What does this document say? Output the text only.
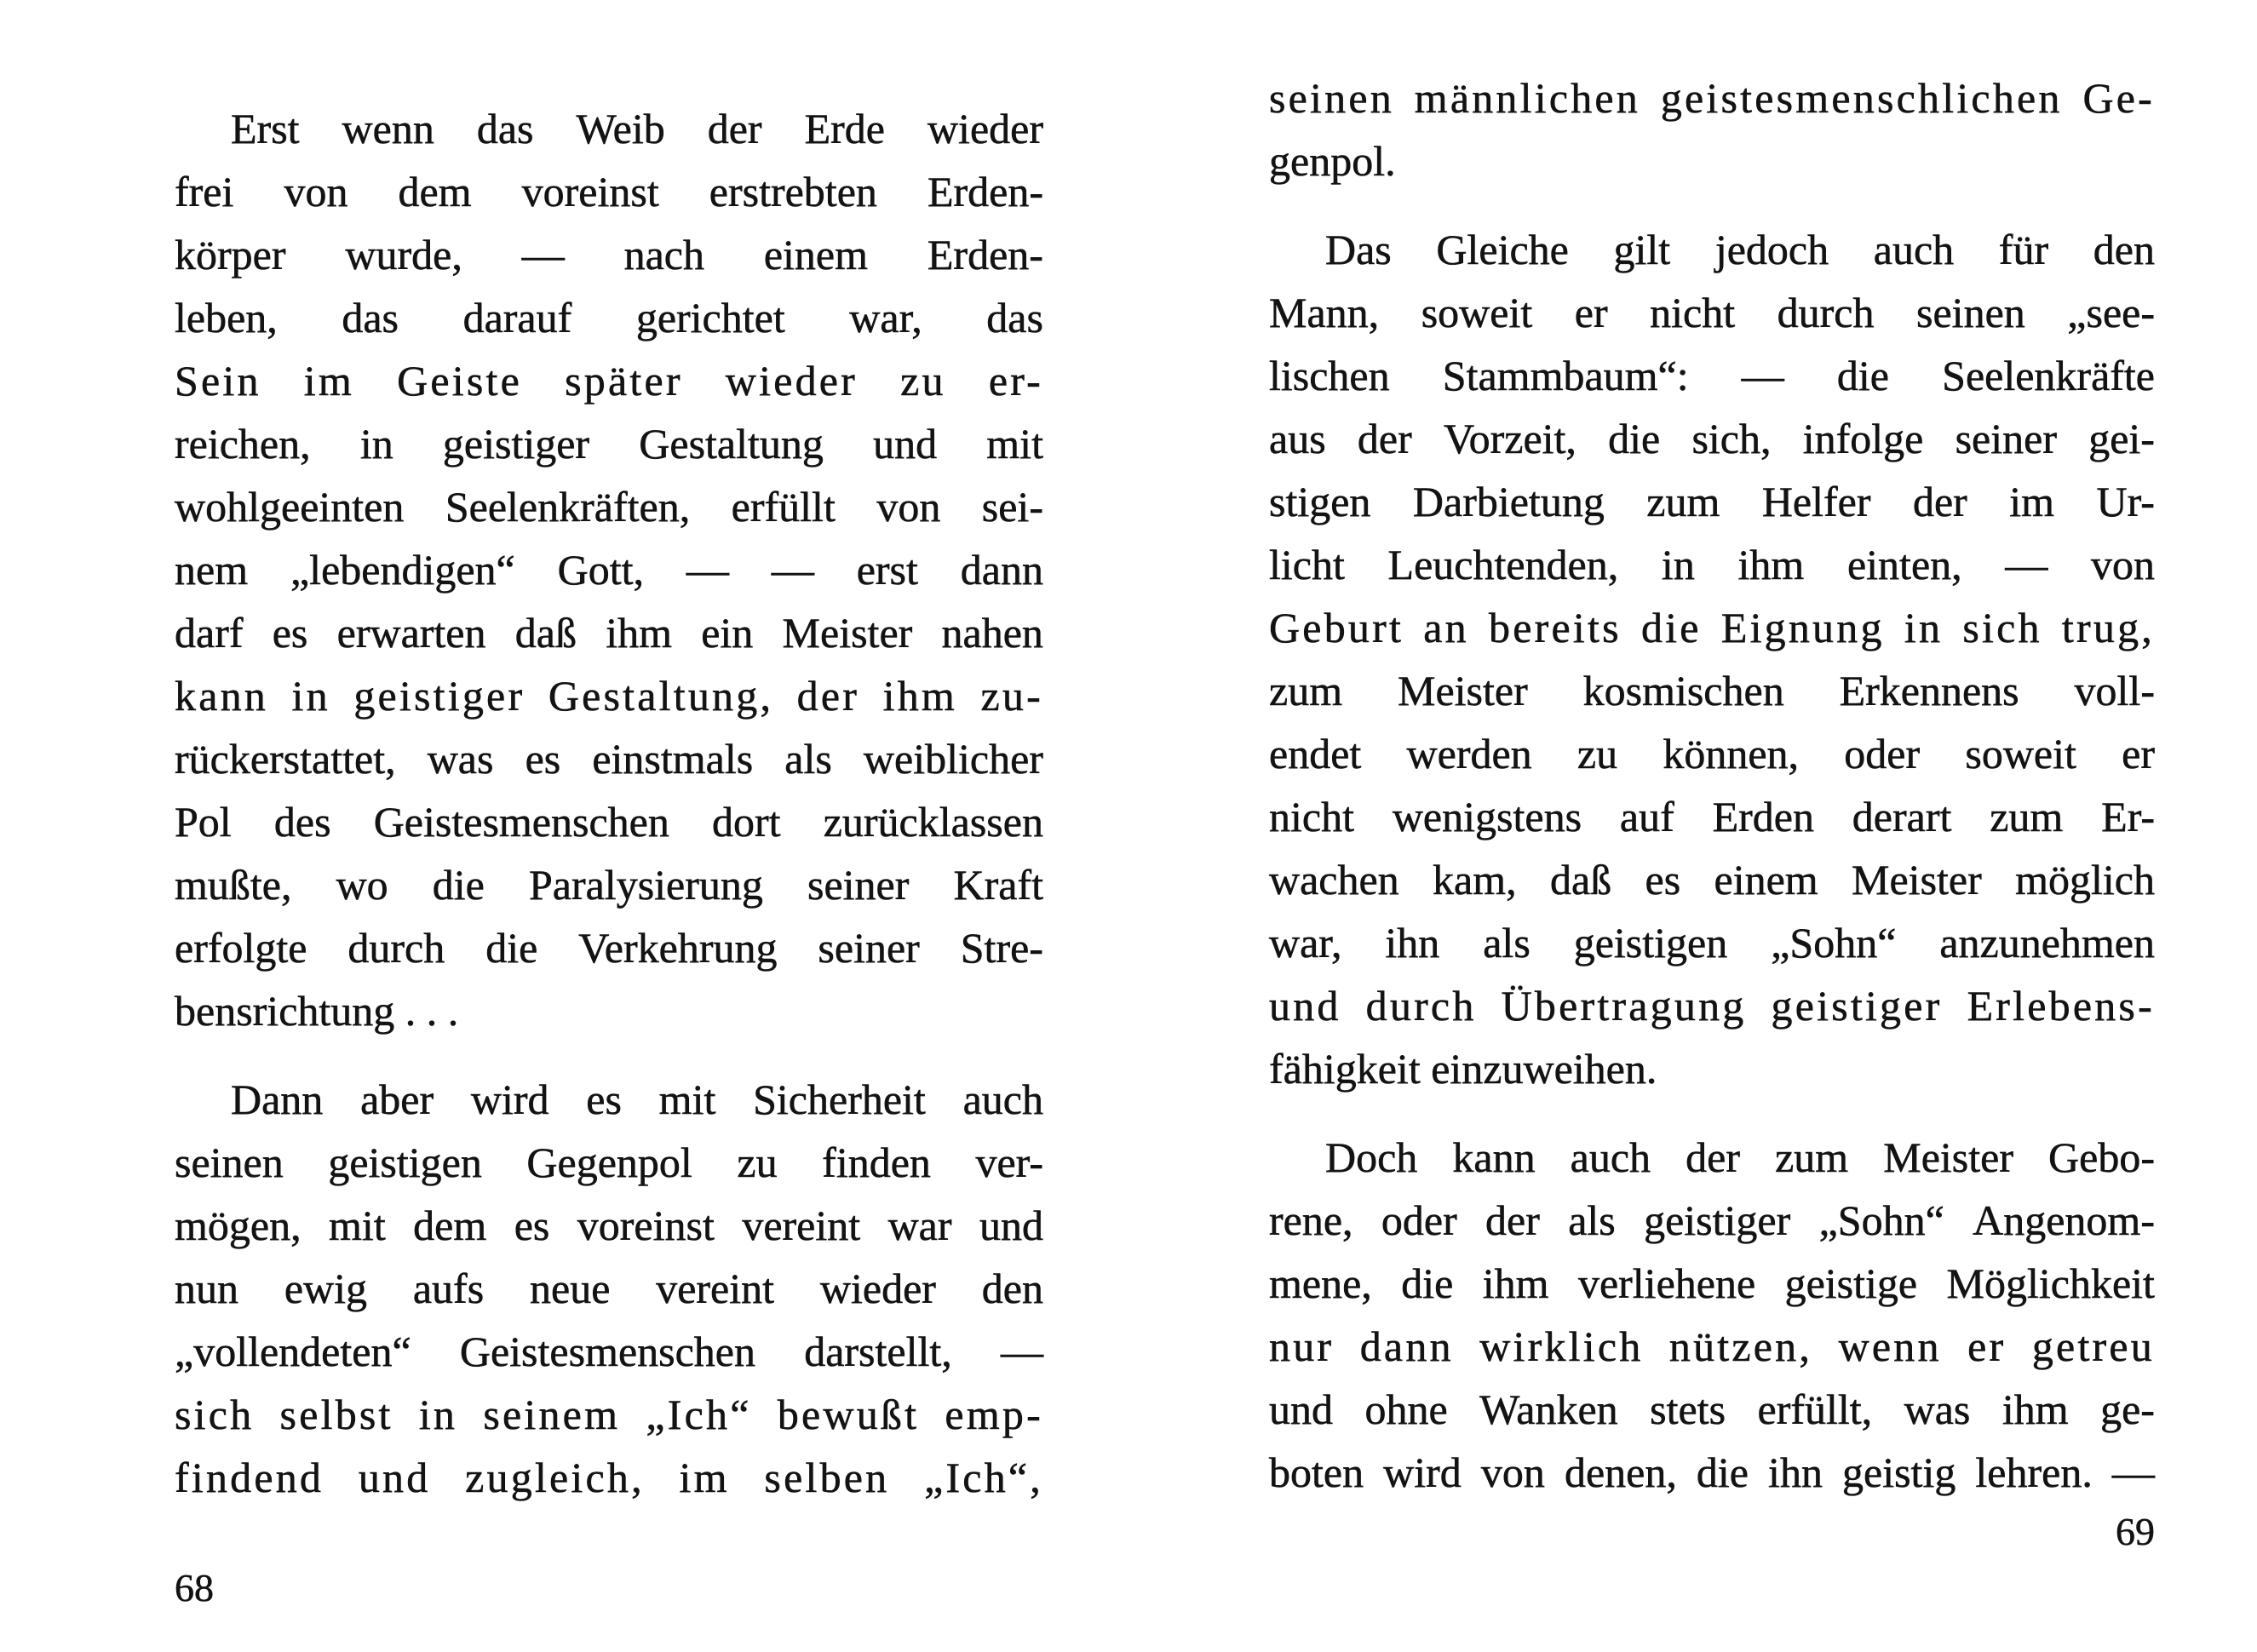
Erst wenn das Weib der Erde wieder
frei von dem voreinst erstrebten Erden-
körper wurde, — nach einem Erden-
leben, das darauf gerichtet war, das
Sein im Geiste später wieder zu er-
reichen, in geistiger Gestaltung und mit
wohlgeeinten Seelenkräften, erfüllt von sei-
nem „lebendigen“ Gott, — — erst dann
darf es erwarten daß ihm ein Meister nahen
kann in geistiger Gestaltung, der ihm zu-
rückerstattet, was es einstmals als weiblicher
Pol des Geistesmenschen dort zurücklassen
mußte, wo die Paralysierung seiner Kraft
erfolgte durch die Verkehrung seiner Stre-
bensrichtung . . .
Dann aber wird es mit Sicherheit auch
seinen geistigen Gegenpol zu finden ver-
mögen, mit dem es voreinst vereint war und
nun ewig aufs neue vereint wieder den
„vollendeten“ Geistesmenschen darstellt, —
sich selbst in seinem „Ich“ bewußt emp-
findend und zugleich, im selben „Ich“,
68
seinen männlichen geistesmenschlichen Ge-
genpol.
Das Gleiche gilt jedoch auch für den
Mann, soweit er nicht durch seinen „see-
lischen Stammbaum“: — die Seelenkräfte
aus der Vorzeit, die sich, infolge seiner gei-
stigen Darbietung zum Helfer der im Ur-
licht Leuchtenden, in ihm einten, — von
Geburt an bereits die Eignung in sich trug,
zum Meister kosmischen Erkennens voll-
endet werden zu können, oder soweit er
nicht wenigstens auf Erden derart zum Er-
wachen kam, daß es einem Meister möglich
war, ihn als geistigen „Sohn“ anzunehmen
und durch Übertragung geistiger Erlebens-
fähigkeit einzuweihen.
Doch kann auch der zum Meister Gebo-
rene, oder der als geistiger „Sohn“ Angenom-
mene, die ihm verliehene geistige Möglichkeit
nur dann wirklich nützen, wenn er getreu
und ohne Wanken stets erfüllt, was ihm ge-
boten wird von denen, die ihn geistig lehren. —
69
